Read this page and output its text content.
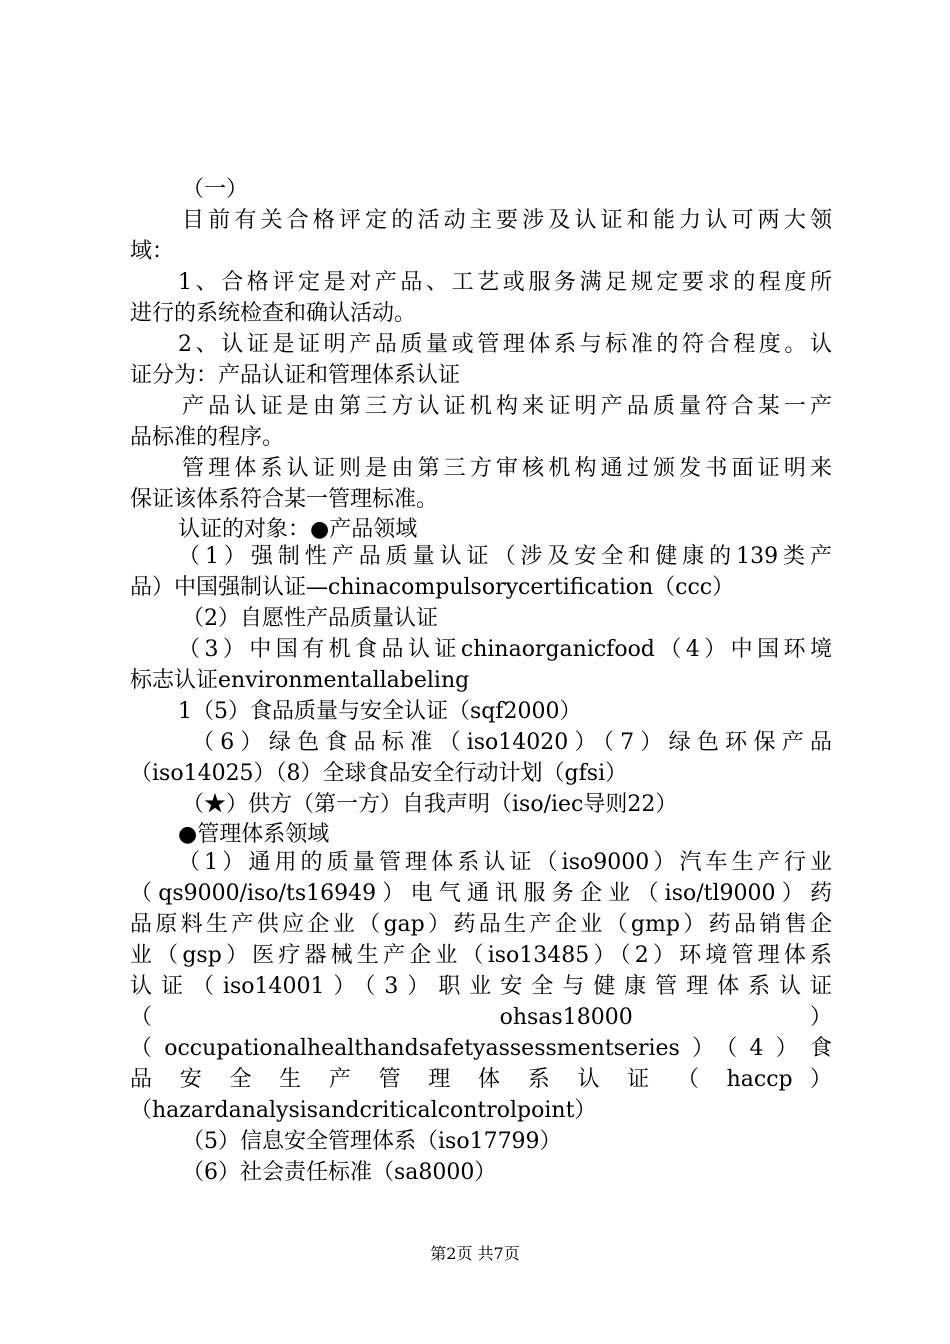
（一）
目前有关合格评定的活动主要涉及认证和能力认可两大领
域：
1、合格评定是对产品、工艺或服务满足规定要求的程度所
进行的系统检查和确认活动。
2、认证是证明产品质量或管理体系与标准的符合程度。认
证分为：产品认证和管理体系认证
产品认证是由第三方认证机构来证明产品质量符合某一产
品标准的程序。
管理体系认证则是由第三方审核机构通过颁发书面证明来
保证该体系符合某一管理标准。
认证的对象：●产品领域
（1）强制性产品质量认证（涉及安全和健康的139类产
品）中国强制认证—chinacompulsorycertification（ccc）
（2）自愿性产品质量认证
（3）中国有机食品认证chinaorganicfood（4）中国环境
标志认证environmentallabeling
1（5）食品质量与安全认证（sqf2000）
（6）绿色食品标准（iso14020）（7）绿色环保产品
（iso14025）（8）全球食品安全行动计划（gfsi）
（★）供方（第一方）自我声明（iso/iec导则22）
●管理体系领域
（1）通用的质量管理体系认证（iso9000）汽车生产行业
（qs9000/iso/ts16949）电气通讯服务企业（iso/tl9000）药
品原料生产供应企业（gap）药品生产企业（gmp）药品销售企
业（gsp）医疗器械生产企业（iso13485）（2）环境管理体系
认证（iso14001）（3）职业安全与健康管理体系认证
（ ohsas18000 ）
（occupationalhealthandsafetyassessmentseries）（4）食
品 安 全 生 产 管 理 体 系 认 证 （ haccp ）
（hazardanalysisandcriticalcontrolpoint）
（5）信息安全管理体系（iso17799）
（6）社会责任标准（sa8000）
第2页 共7页
